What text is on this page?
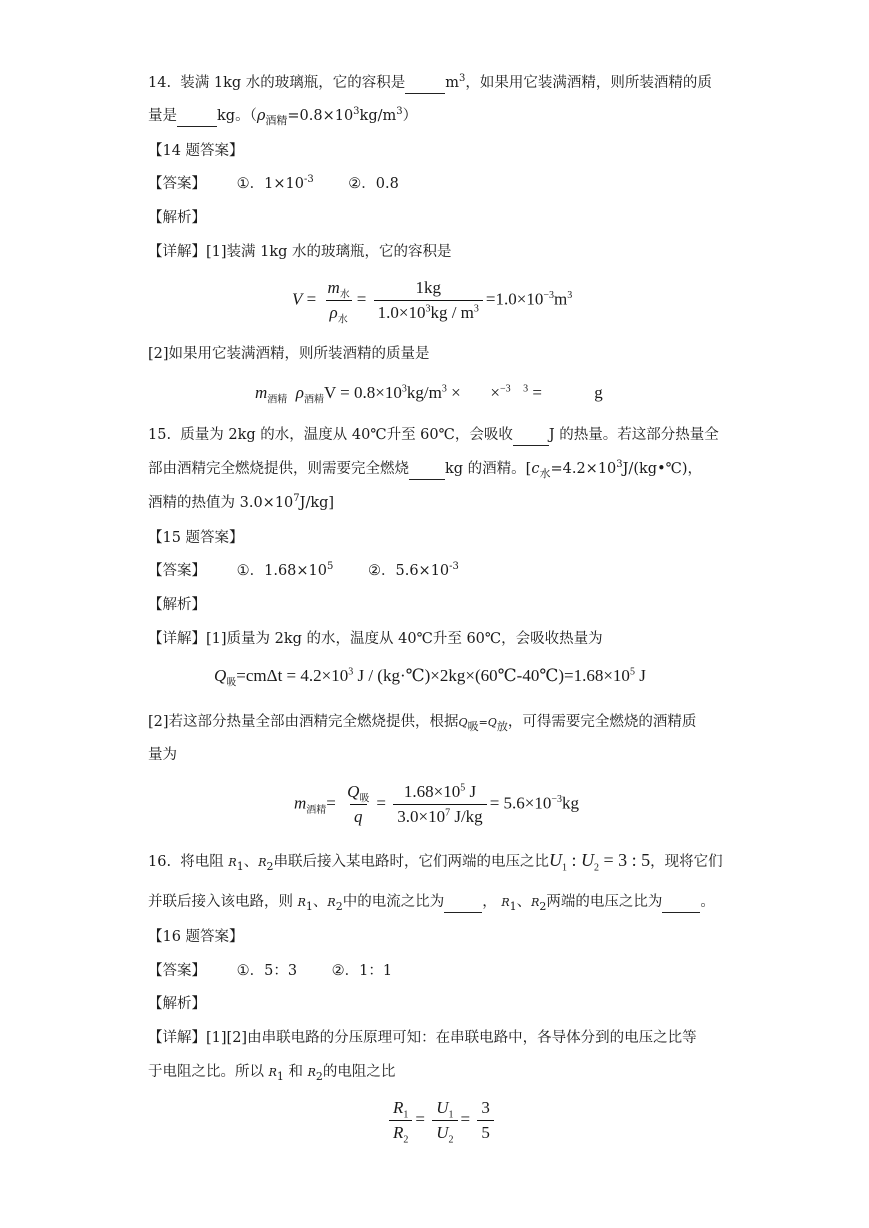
14. 装满 1kg 水的玻璃瓶，它的容积是	$m^3$，如果用它装满酒精，则所装酒精的质
量是	kg。$(\rho_{酒精}=0.8\times 10^3kg/m^3)$
【14 题答案】
【答案】 ①．$1\times 10^{-3}$ ②．0.8
【解析】
【详解】[1]装满 1kg 水的玻璃瓶，它的容积是
$V = \frac{m_水}{\rho_水} = \frac{1kg}{1.0\times 10^3kg / m^3} =1.0\times 10^{-3}m^3$
[2]如果用它装满酒精，则所装酒精的质量是
$m_{酒精}$ $\rho_{酒精}V = 0.8\times 10^3kg/m^3$ ×       ×$^{-3 3}$ =	g
15. 质量为 2kg 的水，温度从 40℃升至 60℃，会吸收 J 的热量。若这部分热量全
部由酒精完全燃烧提供，则需要完全燃烧 kg 的酒精。[$c_水=4.2\times 10^3J/(kg•℃)$，
酒精的热值为 $3.0\times 10^7J/kg$]
【15 题答案】
【答案】 ①．$1.68\times 10^5$ ②．$5.6\times 10^{-3}$
【解析】
【详解】[1]质量为 2kg 的水，温度从 40℃升至 60℃，会吸收热量为
$Q_吸=cm\Delta t = 4.2\times 10^3$ $J / (kg\cdot℃)\times 2kg\times(60℃-40℃)=1.68\times 10^5$ J
[2]若这部分热量全部由酒精完全燃烧提供，根据$Q_吸=Q_放$，可得需要完全燃烧的酒精质
量为
$m_{酒精}= \frac{Q_吸}{q} = \frac{1.68\times 10^5 J}{3.0\times 10^7 J/kg} = 5.6\times 10^{-3}kg$
16. 将电阻 $R_1$、$R_2$串联后接入某电路时，它们两端的电压之比$U_1$ : $U_2 = 3$ : 5，现将它们
并联后接入该电路，则 $R_1$、$R_2$中的电流之比为	， $R_1$、$R_2$两端的电压之比为	。
【16 题答案】
【答案】 ①．5：3 ②．1：1
【解析】
【详解】[1][2]由串联电路的分压原理可知：在串联电路中，各导体分到的电压之比等
于电阻之比。所以 $R_1$ 和 $R_2$的电阻之比
$\frac{R_1}{R_2} = \frac{U_1}{U_2} = \frac{3}{5}$
